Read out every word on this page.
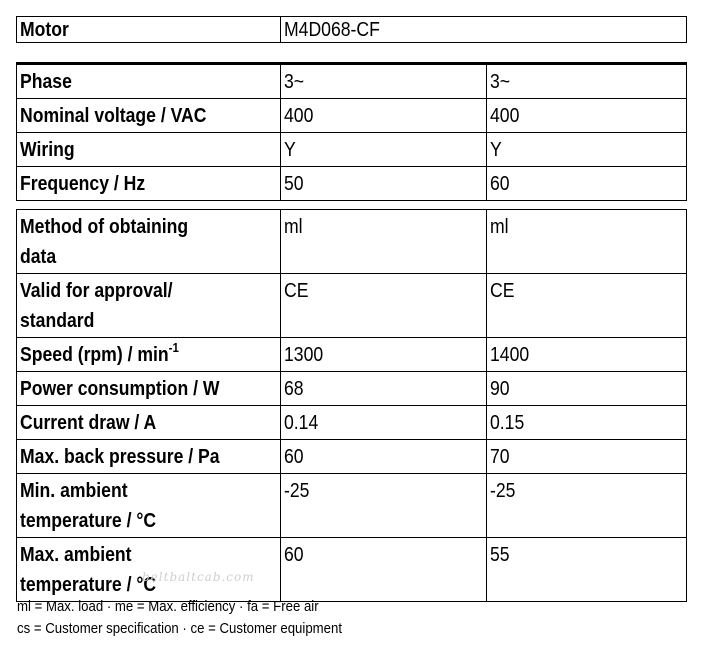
Motor	M4D068-CF
Phase	3~	3~
Nominal voltage / VAC	400	400
Wiring	Y	Y
Frequency / Hz	50	60
Method of obtaining
data	ml	ml

Valid for approval/
standard	CE	CE
Speed $(rpm) / \min^{-1}$	1300	1400
Power consumption / W	68	90
Current draw / A	0.14	0.15
Max. back pressure / Pa	60	70

Min. ambient
temperature / °C	-25	-25

Max. ambient
temperature / °C	60	55
beltbaltcab.com
ml = Max. load · me = Max. efficiency · fa = Free air
cs = Customer specification · ce = Customer equipment
